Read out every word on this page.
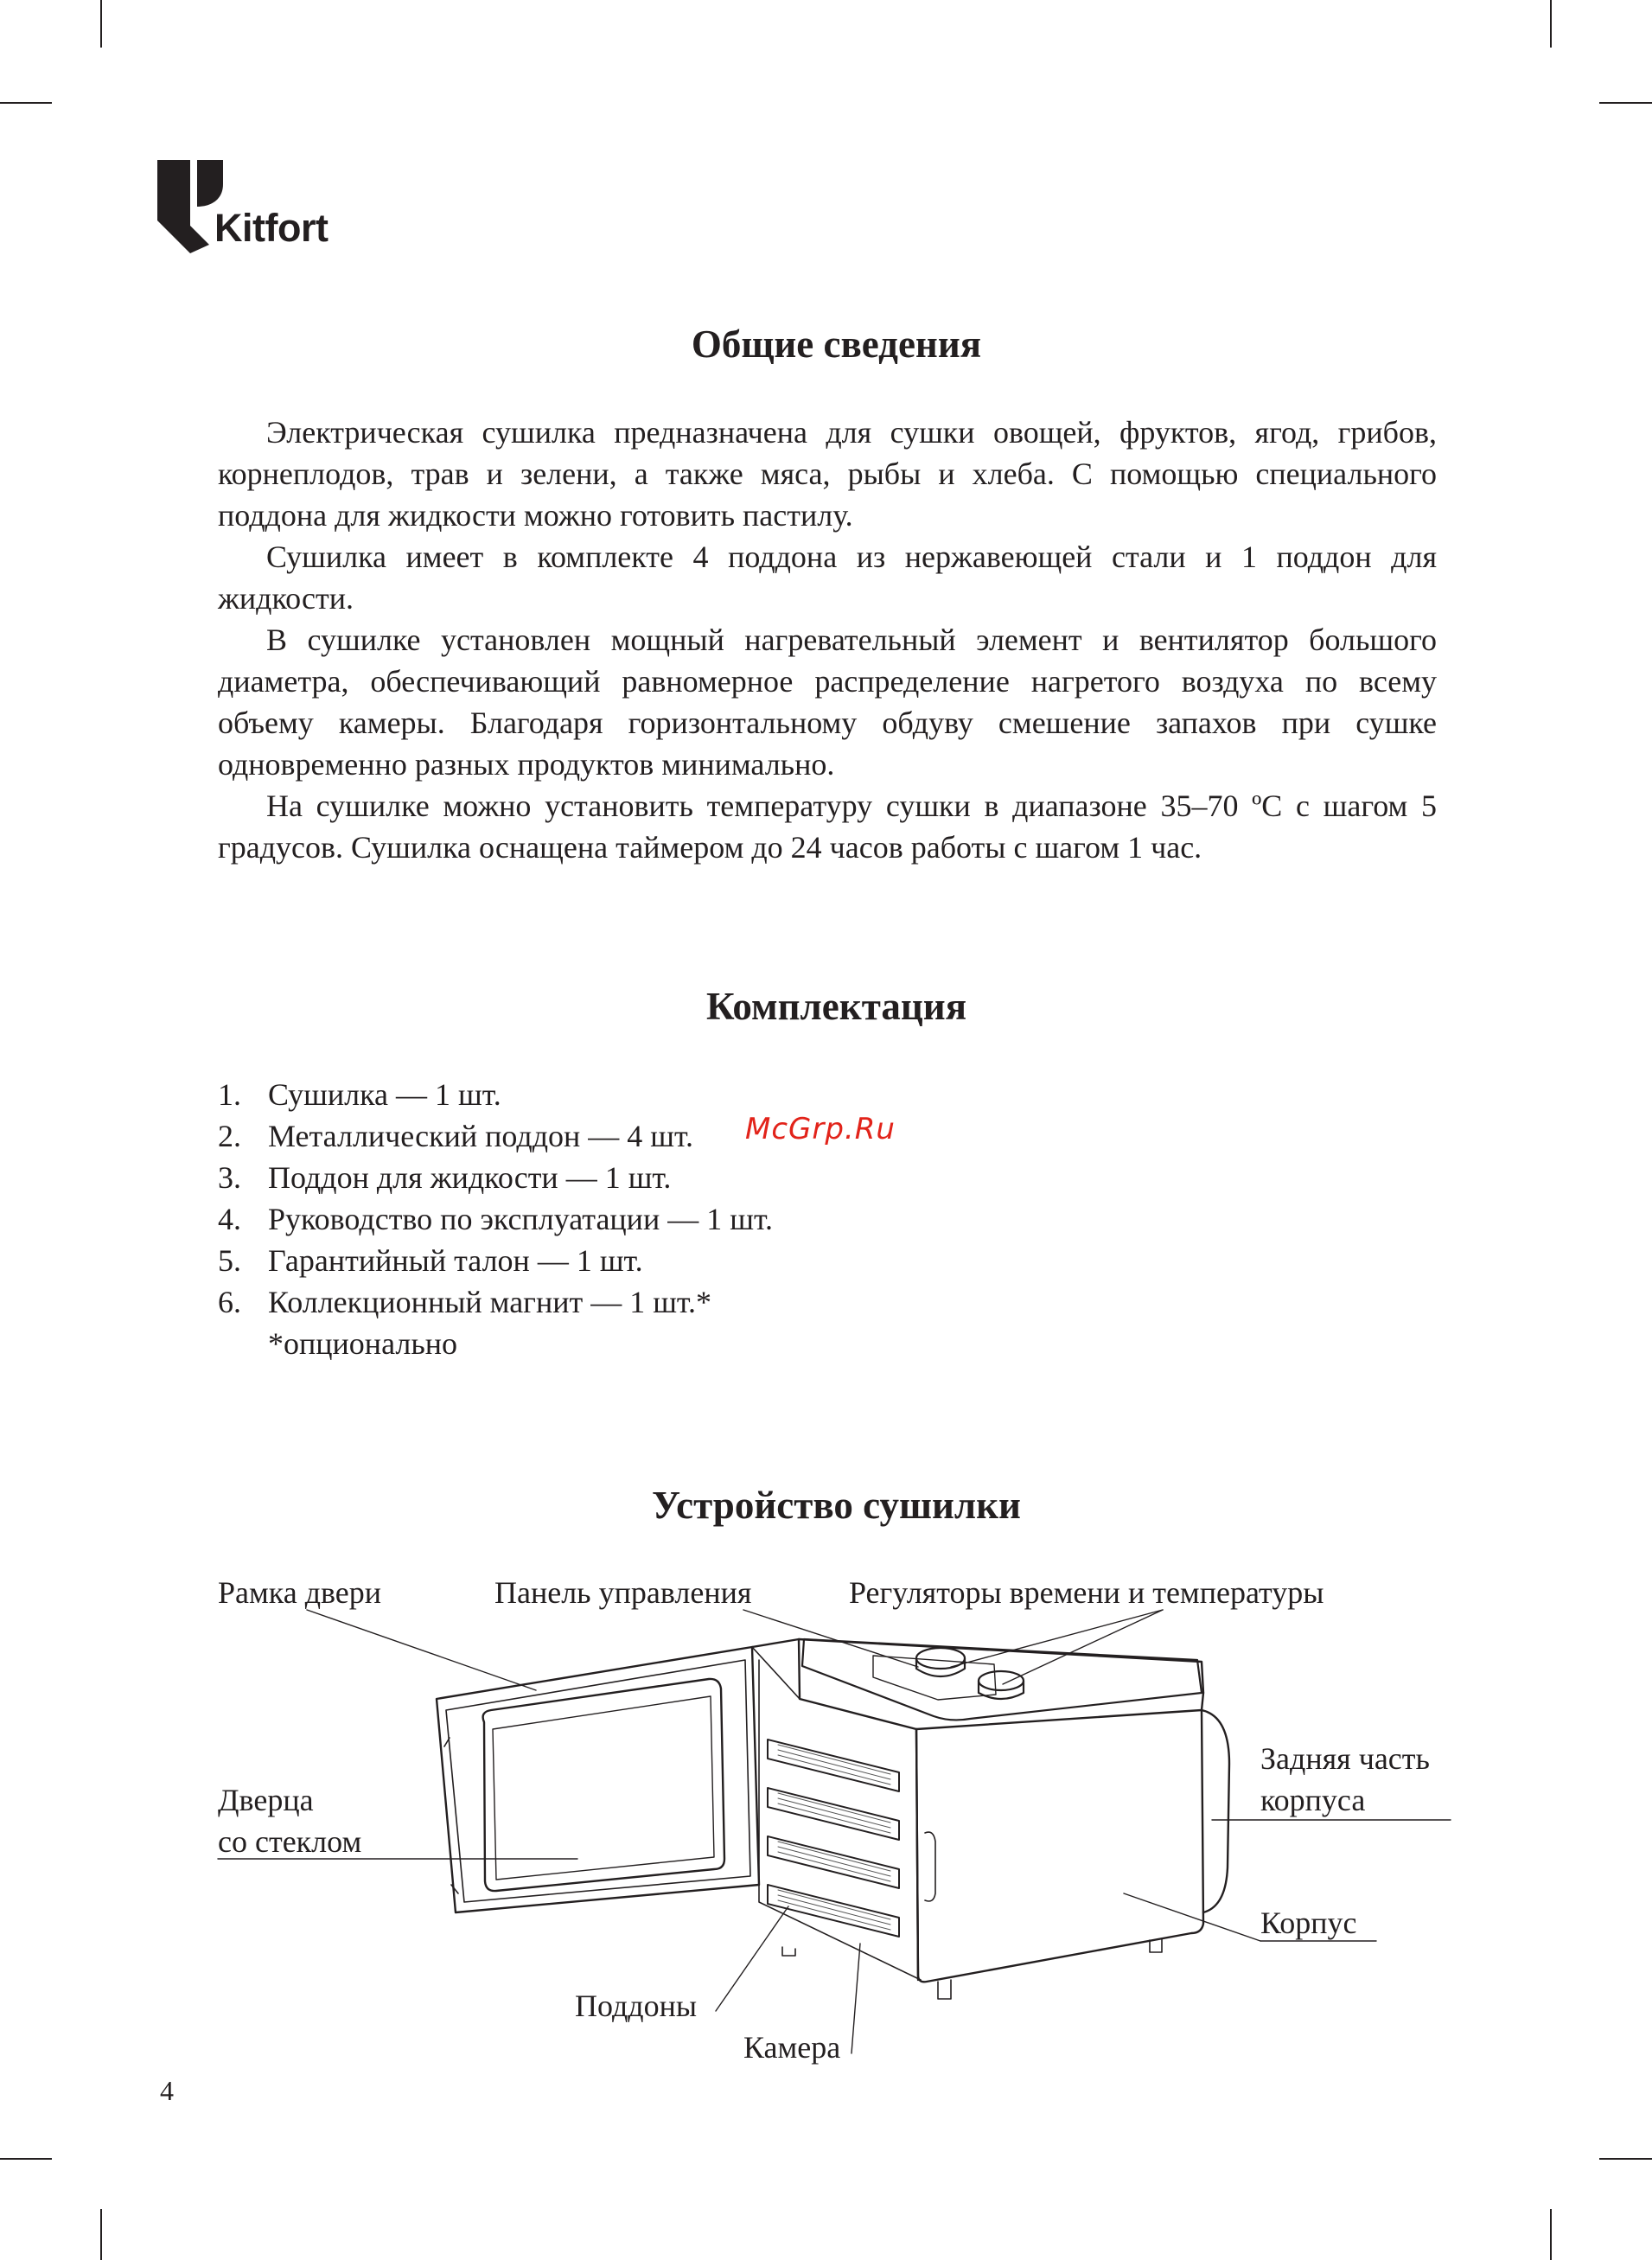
Kitfort
Общие сведения

Электрическая сушилка предназначена для сушки овощей, фруктов, ягод, грибов, корнеплодов, трав и зелени, а также мяса, рыбы и хлеба. С помощью специального поддона для жидкости можно готовить пастилу.

Сушилка имеет в комплекте 4 поддона из нержавеющей стали и 1 поддон для жидкости.

В сушилке установлен мощный нагревательный элемент и вентилятор большого диаметра, обеспечивающий равномерное распределение нагретого воздуха по всему объему камеры. Благодаря горизонтальному обдуву смешение запахов при сушке одновременно разных продуктов минимально.

На сушилке можно установить температуру сушки в диапазоне 35–70 ºС с шагом 5 градусов. Сушилка оснащена таймером до 24 часов работы с шагом 1 час.

Комплектация
1. Сушилка — 1 шт.
2. Металлический поддон — 4 шт.
3. Поддон для жидкости — 1 шт.
4. Руководство по эксплуатации — 1 шт.
5. Гарантийный талон — 1 шт.
6. Коллекционный магнит — 1 шт.*
*опционально
McGrp.Ru
Устройство сушилки
Рамка двери	Панель управления	Регуляторы времени и температуры
Дверца
со стеклом
Задняя часть
корпуса
Корпус
Поддоны
Камера
4
